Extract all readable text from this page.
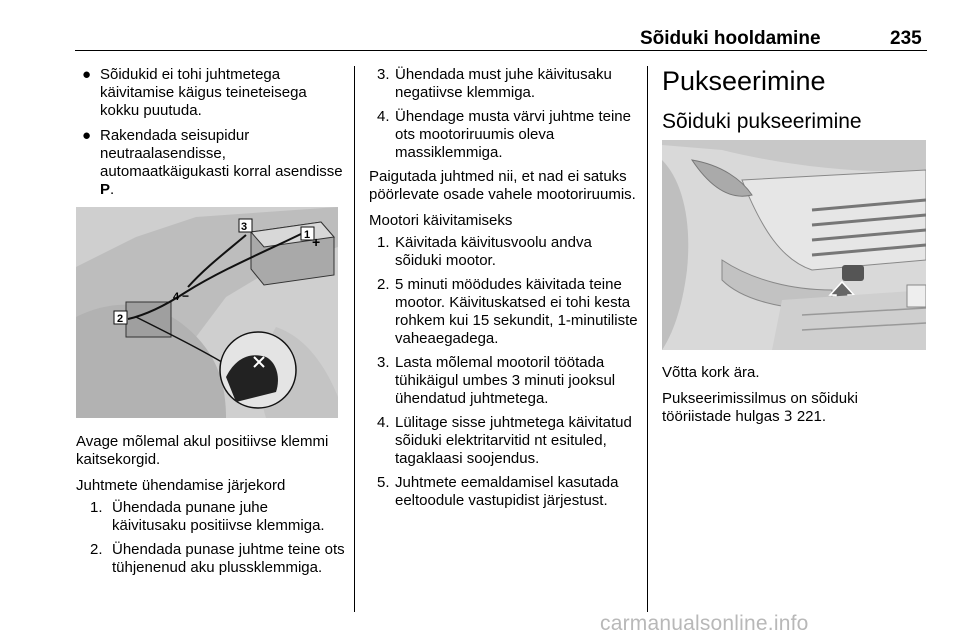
Sõiduki hooldamine	235
● Sõidukid ei tohi juhtmetega käivitamise käigus teineteisega kokku puutuda.
● Rakendada seisupidur neutraalasendisse, automaatkäigukasti korral asendisse P.
3
1 +
4 −
2

Avage mõlemal akul positiivse klemmi kaitsekorgid.

Juhtmete ühendamise järjekord

1. Ühendada punane juhe käivitusaku positiivse klemmiga.
2. Ühendada punase juhtme teine ots tühjenenud aku plussklemmiga.
3. Ühendada must juhe käivitusaku negatiivse klemmiga.
4. Ühendage musta värvi juhtme teine ots mootoriruumis oleva massiklemmiga.

Paigutada juhtmed nii, et nad ei satuks pöörlevate osade vahele mootoriruumis.

Mootori käivitamiseks

1. Käivitada käivitusvoolu andva sõiduki mootor.
2. 5 minuti möödudes käivitada teine mootor. Käivituskatsed ei tohi kesta rohkem kui 15 sekundit, 1-minutiliste vaheaegadega.
3. Lasta mõlemal mootoril töötada tühikäigul umbes 3 minuti jooksul ühendatud juhtmetega.
4. Lülitage sisse juhtmetega käivitatud sõiduki elektritarvitid nt esituled, tagaklaasi soojendus.
5. Juhtmete eemaldamisel kasutada eeltoodule vastupidist järjestust.
Pukseerimine
Sõiduki pukseerimine

Võtta kork ära.

Pukseerimissilmus on sõiduki tööriistade hulgas 3 221.

carmanualsonline.info
